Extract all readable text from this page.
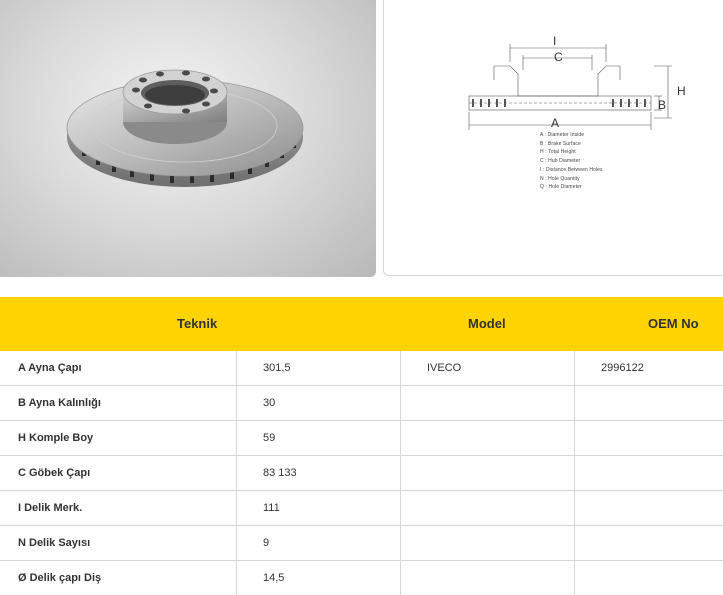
I
C
A
B
H
A : Diameter Inside
B : Brake Surface
H : Total Height
C : Hub Diameter
I : Distance Between Holes
N : Hole Quantity
Q : Hole Diameter
Teknik	Model	OEM No
A Ayna Çapı	301,5	IVECO	2996122
B Ayna Kalınlığı	30
H Komple Boy	59
C Göbek Çapı	83 133
I Delik Merk.	111
N Delik Sayısı	9
Ø Delik çapı Diş	14,5
